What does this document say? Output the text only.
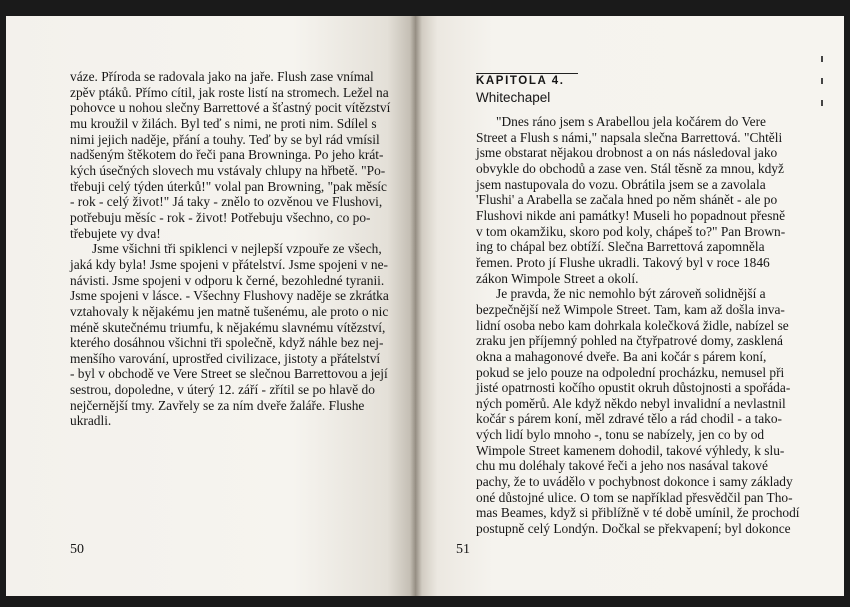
váze. Příroda se radovala jako na jaře. Flush zase vnímal
zpěv ptáků. Přímo cítil, jak roste listí na stromech. Ležel na
pohovce u nohou slečny Barrettové a šťastný pocit vítězství
mu kroužil v žilách. Byl teď s nimi, ne proti nim. Sdílel s
nimi jejich naděje, přání a touhy. Teď by se byl rád vmísil
nadšeným štěkotem do řeči pana Browninga. Po jeho krát-
kých úsečných slovech mu vstávaly chlupy na hřbetě. "Po-
třebuji celý týden úterků!" volal pan Browning, "pak měsíc
- rok - celý život!" Já taky - znělo to ozvěnou ve Flushovi,
potřebuju měsíc - rok - život! Potřebuju všechno, co po-
třebujete vy dva!
Jsme všichni tři spiklenci v nejlepší vzpouře ze všech,
jaká kdy byla! Jsme spojeni v přátelství. Jsme spojeni v ne-
návisti. Jsme spojeni v odporu k černé, bezohledné tyranii.
Jsme spojeni v lásce. - Všechny Flushovy naděje se zkrátka
vztahovaly k nějakému jen matně tušenému, ale proto o nic
méně skutečnému triumfu, k nějakému slavnému vítězství,
kterého dosáhnou všichni tři společně, když náhle bez nej-
menšího varování, uprostřed civilizace, jistoty a přátelství
- byl v obchodě ve Vere Street se slečnou Barrettovou a její
sestrou, dopoledne, v úterý 12. září - zřítil se po hlavě do
nejčernější tmy. Zavřely se za ním dveře žaláře. Flushe
ukradli.
50
KAPITOLA 4.
Whitechapel
"Dnes ráno jsem s Arabellou jela kočárem do Vere
Street a Flush s námi," napsala slečna Barrettová. "Chtěli
jsme obstarat nějakou drobnost a on nás následoval jako
obvykle do obchodů a zase ven. Stál těsně za mnou, když
jsem nastupovala do vozu. Obrátila jsem se a zavolala
'Flushi' a Arabella se začala hned po něm shánět - ale po
Flushovi nikde ani památky! Museli ho popadnout přesně
v tom okamžiku, skoro pod koly, chápeš to?" Pan Brown-
ing to chápal bez obtíží. Slečna Barrettová zapomněla
řemen. Proto jí Flushe ukradli. Takový byl v roce 1846
zákon Wimpole Street a okolí.
Je pravda, že nic nemohlo být zároveň solidnější a
bezpečnější než Wimpole Street. Tam, kam až došla inva-
lidní osoba nebo kam dohrkala kolečková židle, nabízel se
zraku jen příjemný pohled na čtyřpatrové domy, zasklená
okna a mahagonové dveře. Ba ani kočár s párem koní,
pokud se jelo pouze na odpolední procházku, nemusel při
jisté opatrnosti kočího opustit okruh důstojnosti a spořáda-
ných poměrů. Ale když někdo nebyl invalidní a nevlastnil
kočár s párem koní, měl zdravé tělo a rád chodil - a tako-
vých lidí bylo mnoho -, tonu se nabízely, jen co by od
Wimpole Street kamenem dohodil, takové výhledy, k slu-
chu mu doléhaly takové řeči a jeho nos nasával takové
pachy, že to uvádělo v pochybnost dokonce i samy základy
oné důstojné ulice. O tom se například přesvědčil pan Tho-
mas Beames, když si přiblížně v té době umínil, že prochodí
postupně celý Londýn. Dočkal se překvapení; byl dokonce
51
